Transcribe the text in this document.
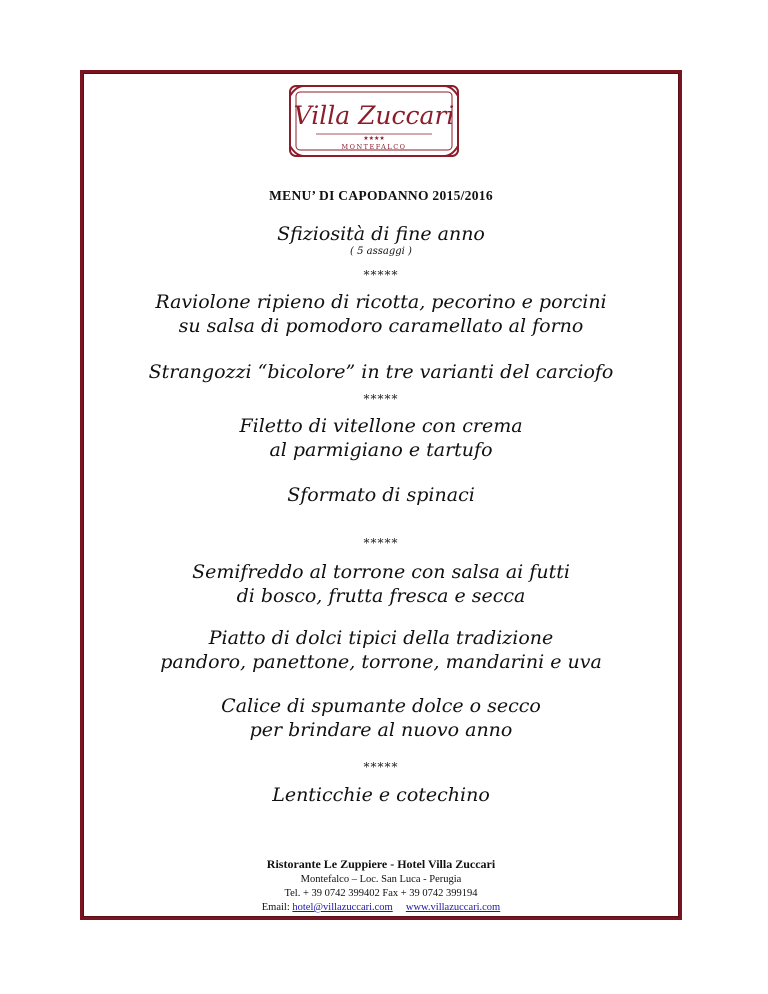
Villa Zuccari
★★★★
MONTEFALCO
MENU’ DI CAPODANNO 2015/2016
Sfiziosità di fine anno
( 5 assaggi )
*****
Raviolone ripieno di ricotta, pecorino e porcini
su salsa di pomodoro caramellato al forno
Strangozzi “bicolore” in tre varianti del carciofo
*****
Filetto di vitellone con crema
al parmigiano e tartufo
Sformato di spinaci
*****
Semifreddo al torrone con salsa ai futti
di bosco, frutta fresca e secca
Piatto di dolci tipici della tradizione
pandoro, panettone, torrone, mandarini e uva
Calice di spumante dolce o secco
per brindare al nuovo anno
*****
Lenticchie e cotechino
Ristorante Le Zuppiere - Hotel Villa Zuccari
Montefalco – Loc. San Luca - Perugia
Tel. + 39 0742 399402 Fax + 39 0742 399194
Email: hotel@villazuccari.com www.villazuccari.com
